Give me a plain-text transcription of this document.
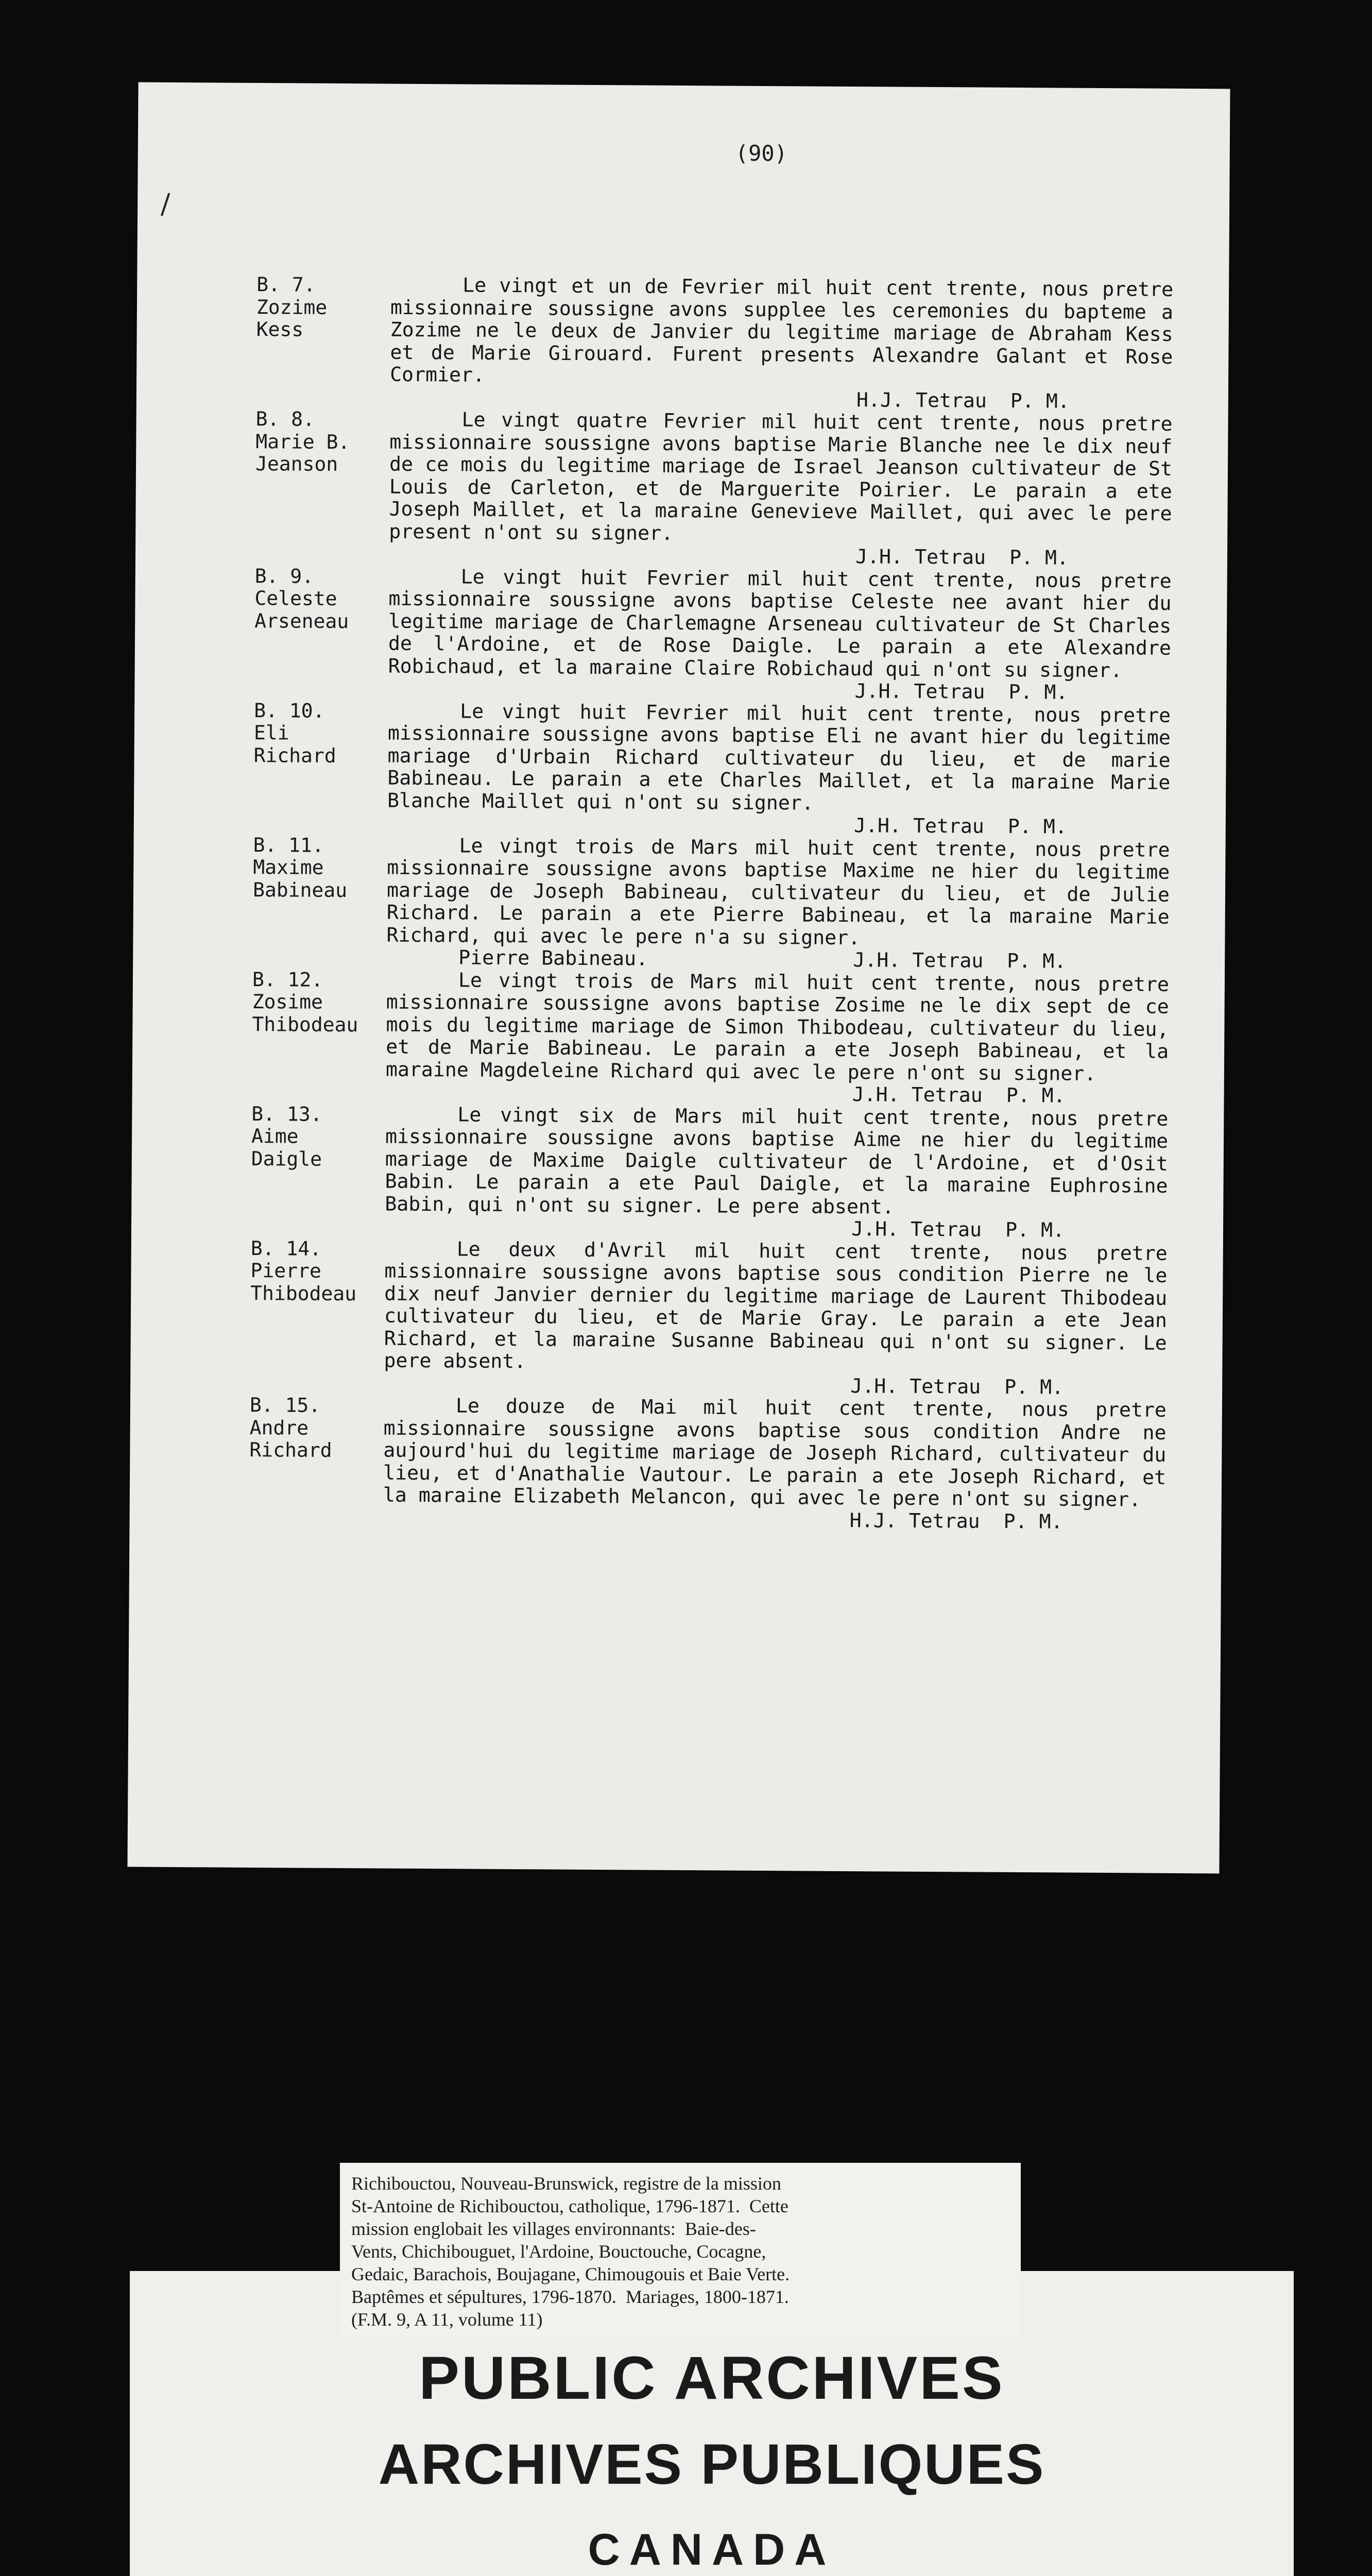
(90)
B. 7.
Zozime
Kess

Le vingt et un de Fevrier mil huit cent trente, nous pretre missionnaire soussigne avons supplee les ceremonies du bapteme a Zozime ne le deux de Janvier du legitime mariage de Abraham Kess et de Marie Girouard. Furent presents Alexandre Galant et Rose Cormier.

H.J. Tetrau  P. M.
B. 8.
Marie B.
Jeanson

Le vingt quatre Fevrier mil huit cent trente, nous pretre missionnaire soussigne avons baptise Marie Blanche nee le dix neuf de ce mois du legitime mariage de Israel Jeanson cultivateur de St Louis de Carleton, et de Marguerite Poirier. Le parain a ete Joseph Maillet, et la maraine Genevieve Maillet, qui avec le pere present n'ont su signer.

J.H. Tetrau  P. M.
B. 9.
Celeste
Arseneau

Le vingt huit Fevrier mil huit cent trente, nous pretre missionnaire soussigne avons baptise Celeste nee avant hier du legitime mariage de Charlemagne Arseneau cultivateur de St Charles de l'Ardoine, et de Rose Daigle. Le parain a ete Alexandre Robichaud, et la maraine Claire Robichaud qui n'ont su signer.

J.H. Tetrau  P. M.
B. 10.
Eli
Richard

Le vingt huit Fevrier mil huit cent trente, nous pretre missionnaire soussigne avons baptise Eli ne avant hier du legitime mariage d'Urbain Richard cultivateur du lieu, et de marie Babineau. Le parain a ete Charles Maillet, et la maraine Marie Blanche Maillet qui n'ont su signer.

J.H. Tetrau  P. M.
B. 11.
Maxime
Babineau

Le vingt trois de Mars mil huit cent trente, nous pretre missionnaire soussigne avons baptise Maxime ne hier du legitime mariage de Joseph Babineau, cultivateur du lieu, et de Julie Richard. Le parain a ete Pierre Babineau, et la maraine Marie Richard, qui avec le pere n'a su signer.

Pierre Babineau.	J.H. Tetrau  P. M.
B. 12.
Zosime
Thibodeau

Le vingt trois de Mars mil huit cent trente, nous pretre missionnaire soussigne avons baptise Zosime ne le dix sept de ce mois du legitime mariage de Simon Thibodeau, cultivateur du lieu, et de Marie Babineau. Le parain a ete Joseph Babineau, et la maraine Magdeleine Richard qui avec le pere n'ont su signer.

J.H. Tetrau  P. M.
B. 13.
Aime
Daigle

Le vingt six de Mars mil huit cent trente, nous pretre missionnaire soussigne avons baptise Aime ne hier du legitime mariage de Maxime Daigle cultivateur de l'Ardoine, et d'Osit Babin. Le parain a ete Paul Daigle, et la maraine Euphrosine Babin, qui n'ont su signer. Le pere absent.

J.H. Tetrau  P. M.
B. 14.
Pierre
Thibodeau

Le deux d'Avril mil huit cent trente, nous pretre missionnaire soussigne avons baptise sous condition Pierre ne le dix neuf Janvier dernier du legitime mariage de Laurent Thibodeau cultivateur du lieu, et de Marie Gray. Le parain a ete Jean Richard, et la maraine Susanne Babineau qui n'ont su signer. Le pere absent.

J.H. Tetrau  P. M.
B. 15.
Andre
Richard

Le douze de Mai mil huit cent trente, nous pretre missionnaire soussigne avons baptise sous condition Andre ne aujourd'hui du legitime mariage de Joseph Richard, cultivateur du lieu, et d'Anathalie Vautour. Le parain a ete Joseph Richard, et la maraine Elizabeth Melancon, qui avec le pere n'ont su signer.

H.J. Tetrau  P. M.
Richibouctou, Nouveau-Brunswick, registre de la mission
St-Antoine de Richibouctou, catholique, 1796-1871.  Cette
mission englobait les villages environnants:  Baie-des-
Vents, Chichibouguet, l'Ardoine, Bouctouche, Cocagne,
Gedaic, Barachois, Boujagane, Chimougouis et Baie Verte.
Baptêmes et sépultures, 1796-1870.  Mariages, 1800-1871.
(F.M. 9, A 11, volume 11)
PUBLIC ARCHIVES
ARCHIVES PUBLIQUES
CANADA
